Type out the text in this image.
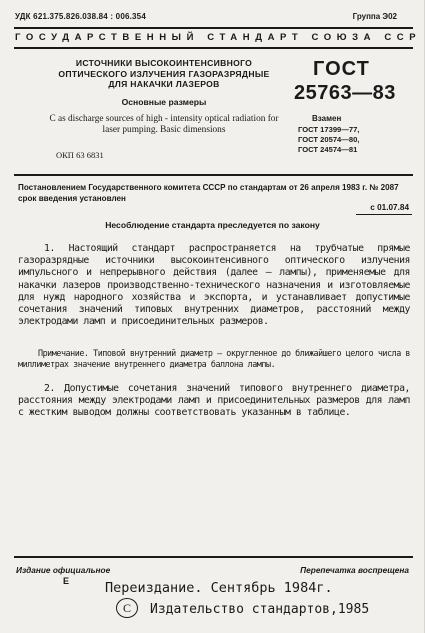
УДК 621.375.826.038.84 : 006.354	Группа Э02
ГОСУДАРСТВЕННЫЙ СТАНДАРТ СОЮЗА ССР
ИСТОЧНИКИ ВЫСОКОИНТЕНСИВНОГО ОПТИЧЕСКОГО ИЗЛУЧЕНИЯ ГАЗОРАЗРЯДНЫЕ ДЛЯ НАКАЧКИ ЛАЗЕРОВ
Основные размеры
C as discharge sources of high - intensity optical radiation for laser pumping. Basic dimensions
ОКП 63 6831
ГОСТ
25763—83
Взамен
ГОСТ 17399—77,
ГОСТ 20574—80,
ГОСТ 24574—81
Постановлением Государственного комитета СССР по стандартам от 26 апреля 1983 г. № 2087 срок введения установлен
с 01.07.84
Несоблюдение стандарта преследуется по закону
1. Настоящий стандарт распространяется на трубчатые прямые газоразрядные источники высокоинтенсивного оптического излучения импульсного и непрерывного действия (далее — лампы), применяемые для накачки лазеров производственно-технического назначения и изготовляемые для нужд народного хозяйства и экспорта, и устанавливает допустимые сочетания значений типовых внутренних диаметров, расстояний между электродами ламп и присоединительных размеров.
Примечание. Типовой внутренний диаметр — округленное до ближайшего целого числа в миллиметрах значение внутреннего диаметра баллона лампы.
2. Допустимые сочетания значений типового внутреннего диаметра, расстояния между электродами ламп и присоединительных размеров для ламп с жестким выводом должны соответствовать указанным в таблице.
Издание официальное	Перепечатка воспрещена
E	Переиздание. Сентябрь 1984г.
С	Издательство стандартов,1985
